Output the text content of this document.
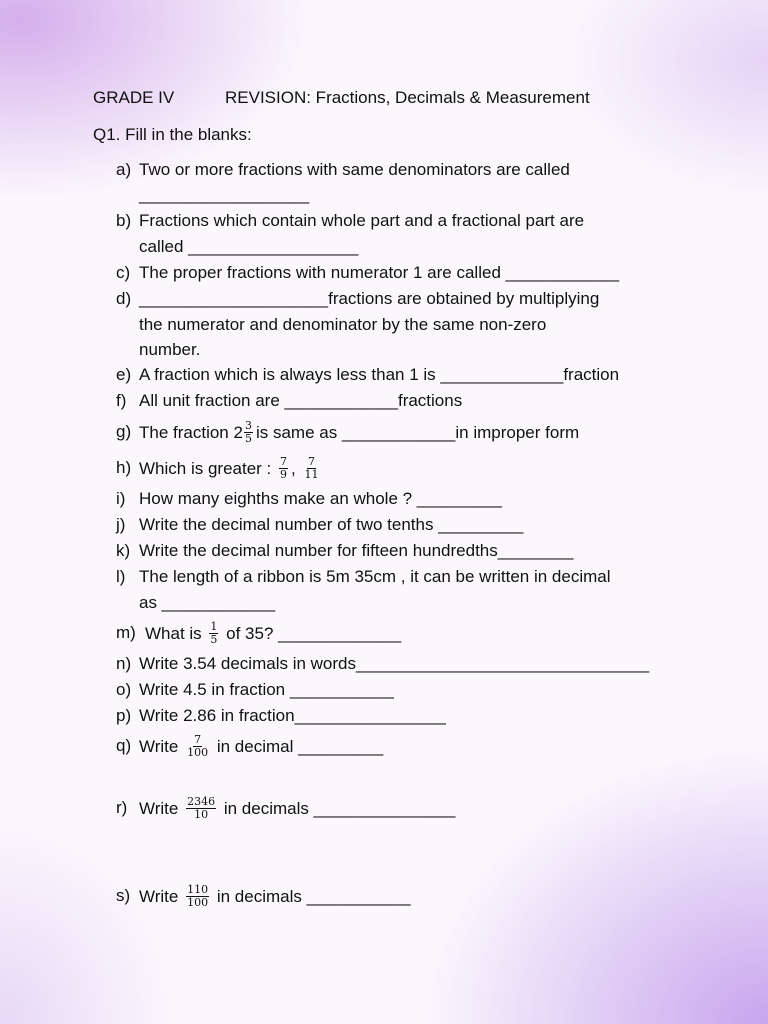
GRADE IV	REVISION: Fractions, Decimals & Measurement
Q1. Fill in the blanks:
a) Two or more fractions with same denominators are called
__________________
b) Fractions which contain whole part and a fractional part are
called __________________
c) The proper fractions with numerator 1 are called ____________
d) ____________________fractions are obtained by multiplying
the numerator and denominator by the same non-zero
number.
e) A fraction which is always less than 1 is _____________fraction
f) All unit fraction are ____________fractions
g) The fraction $2 \frac{3}{5}$ is same as ____________in improper form
h) Which is greater : $\frac{7}{9}$ , $\frac{7}{11}$
i) How many eighths make an whole ? _________
j) Write the decimal number of two tenths _________
k) Write the decimal number for fifteen hundredths________
l) The length of a ribbon is 5m 35cm , it can be written in decimal
as ____________
m) What is $\frac{1}{5}$ of 35? _____________
n) Write 3.54 decimals in words_______________________________
o) Write 4.5 in fraction ___________
p) Write 2.86 in fraction________________
q) Write $\frac{7}{100}$ in decimal _________
r) Write $\frac{2346}{10}$ in decimals _______________
s) Write $\frac{110}{100}$ in decimals ___________
